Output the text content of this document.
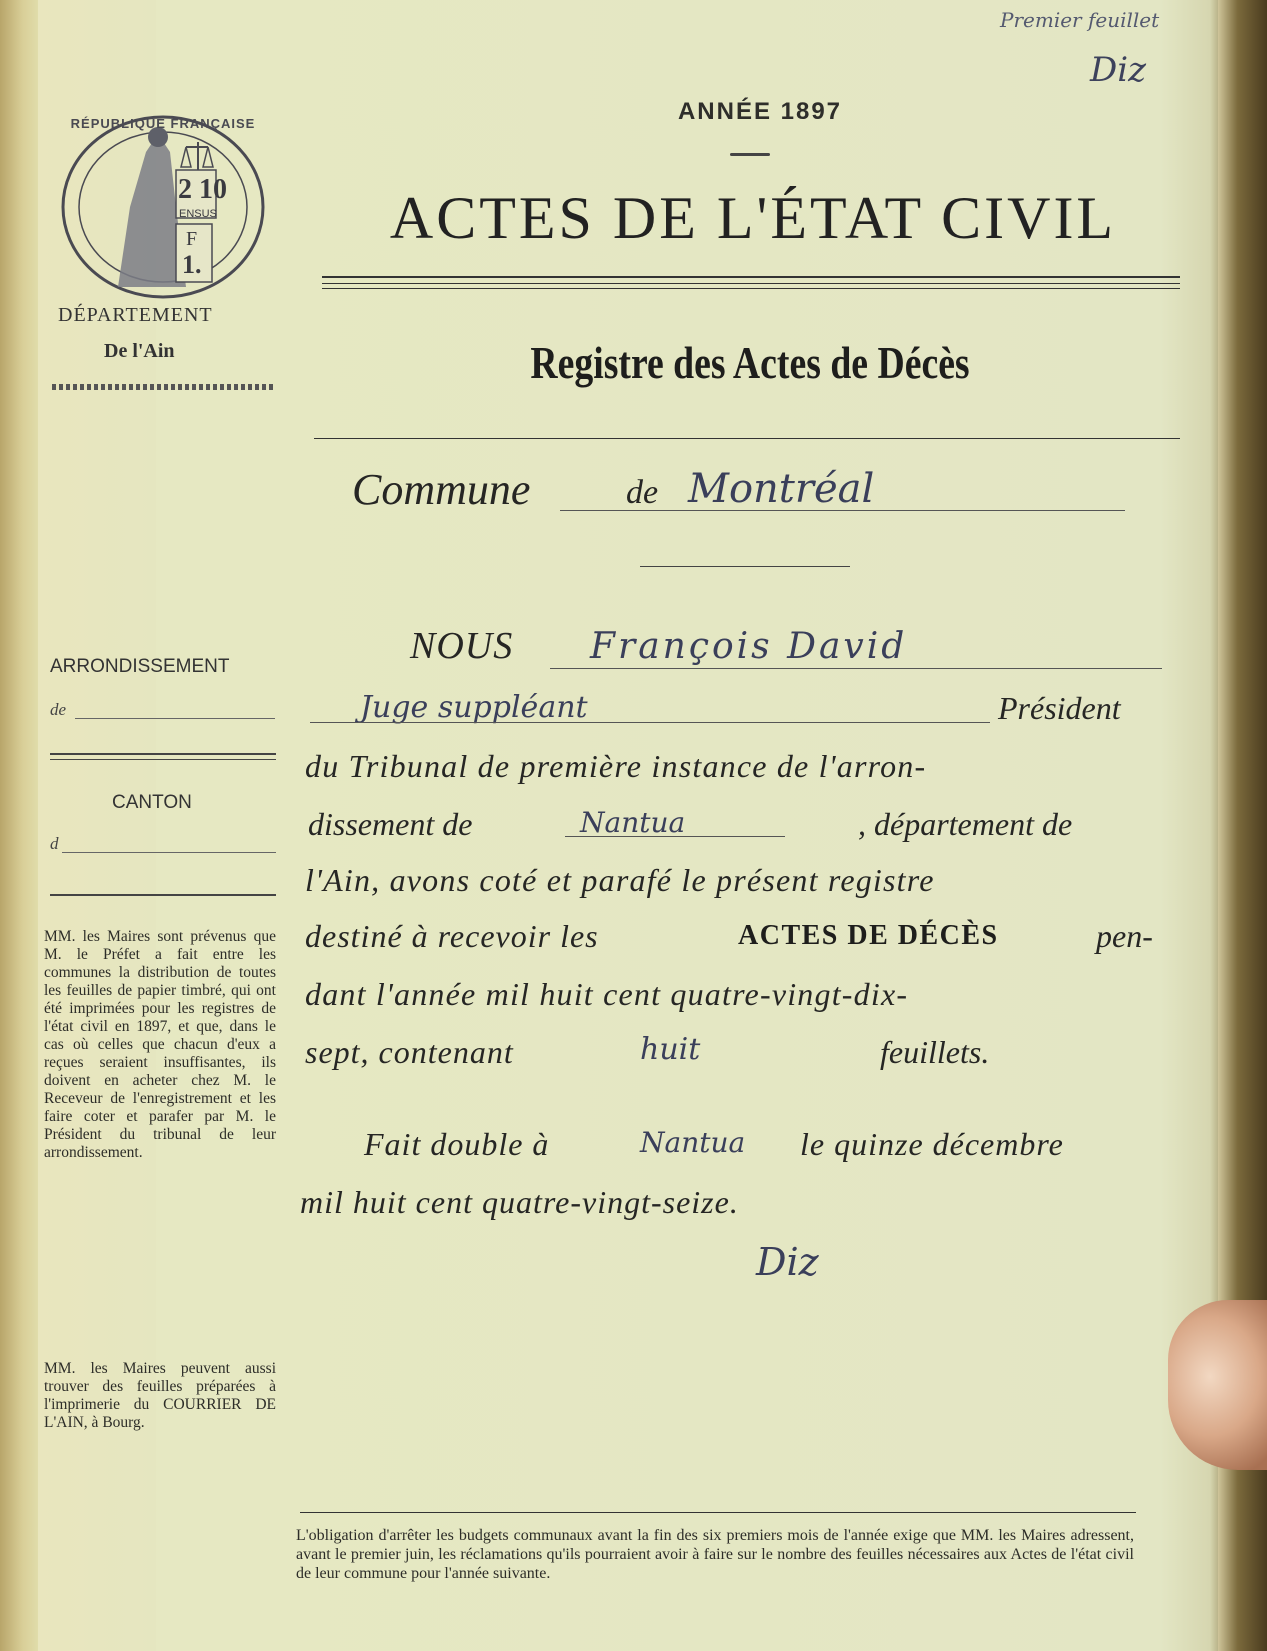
Premier feuillet
Diz
2 10
ENSUS
F
1.
RÉPUBLIQUE FRANÇAISE
DÉPARTEMENT
De l'Ain
ARRONDISSEMENT
de
CANTON
d
MM. les Maires sont prévenus que M. le Préfet a fait entre les communes la distribution de toutes les feuilles de papier timbré, qui ont été imprimées pour les registres de l'état civil en 1897, et que, dans le cas où celles que chacun d'eux a reçues seraient insuffisantes, ils doivent en acheter chez M. le Receveur de l'enregistrement et les faire coter et parafer par M. le Président du tribunal de leur arrondissement.
MM. les Maires peuvent aussi trouver des feuilles préparées à l'imprimerie du COURRIER DE L'AIN, à Bourg.
ANNÉE 1897
ACTES DE L'ÉTAT CIVIL
Registre des Actes de Décès
Commune	de Montréal
NOUS François David
Juge suppléant	Président
du Tribunal de première instance de l'arron-
dissement de	Nantua	, département de
l'Ain, avons coté et parafé le présent registre
destiné à recevoir les	ACTES DE DÉCÈS	pen-
dant l'année mil huit cent quatre-vingt-dix-
sept, contenant	huit	feuillets.
Fait double à	Nantua le quinze décembre
mil huit cent quatre-vingt-seize.
Diz
L'obligation d'arrêter les budgets communaux avant la fin des six premiers mois de l'année exige que MM. les Maires adressent, avant le premier juin, les réclamations qu'ils pourraient avoir à faire sur le nombre des feuilles nécessaires aux Actes de l'état civil de leur commune pour l'année suivante.
